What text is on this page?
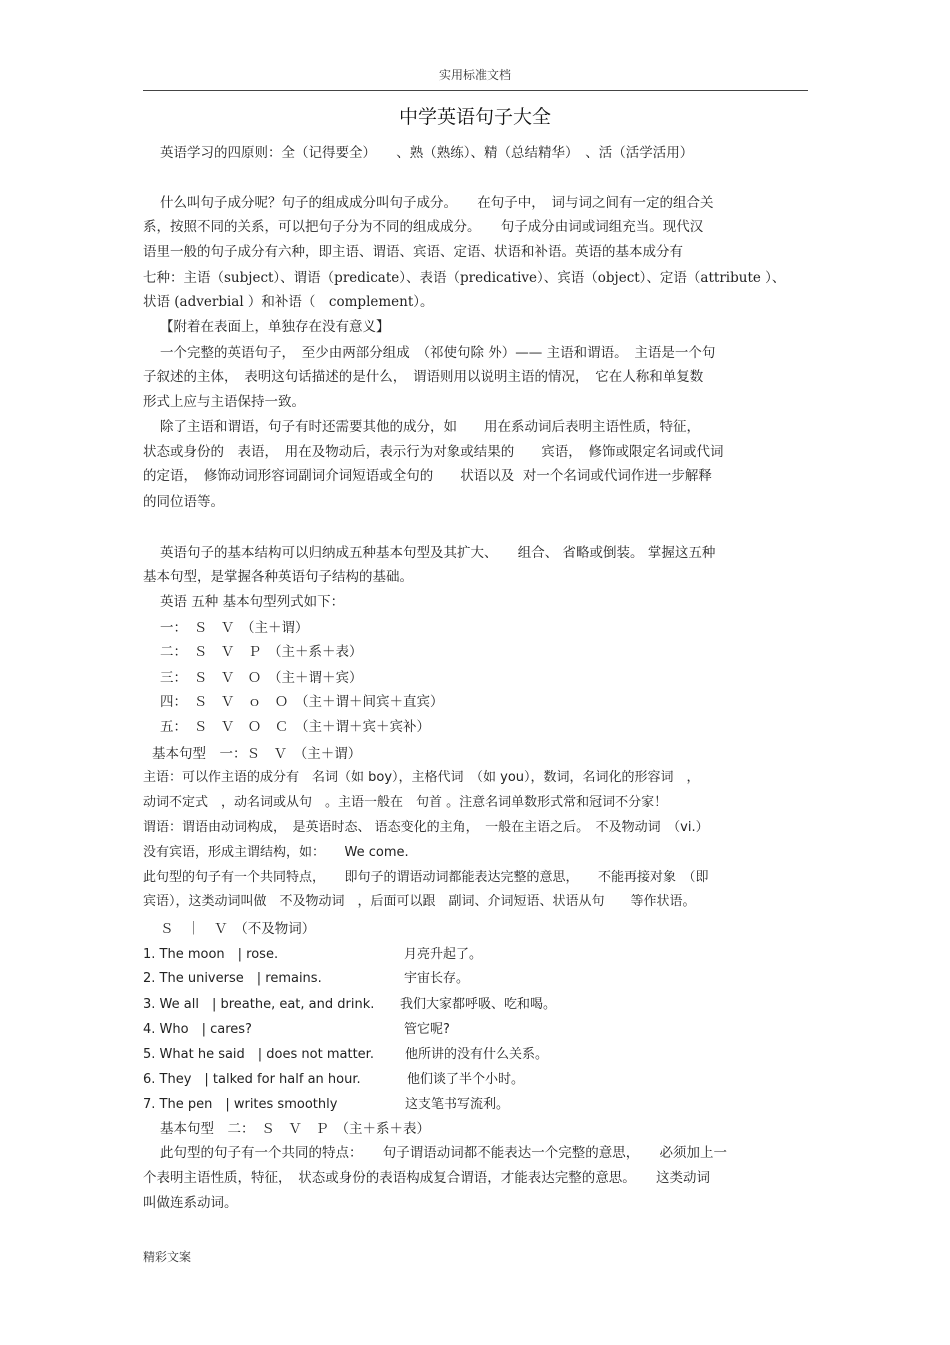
实用标准文档
中学英语句子大全
英语学习的四原则：全（记得要全）　　、熟（熟练）、精（总结精华）　、活（活学活用）
什么叫句子成分呢？句子的组成成分叫句子成分。　　在句子中，　词与词之间有一定的组合关
系，按照不同的关系，可以把句子分为不同的组成成分。　　句子成分由词或词组充当。现代汉
语里一般的句子成分有六种，即主语、谓语、宾语、定语、状语和补语。英语的基本成分有
七种：主语（subject）、谓语（predicate）、表语（predicative）、宾语（object）、定语（attribute ）、
状语 (adverbial ）和补语（　complement）。
【附着在表面上，单独存在没有意义】
一个完整的英语句子，　至少由两部分组成　（祁使句除 外）—— 主语和谓语。　主语是一个句
子叙述的主体，　表明这句话描述的是什么，　谓语则用以说明主语的情况，　它在人称和单复数
形式上应与主语保持一致。
除了主语和谓语，句子有时还需要其他的成分，如　　用在系动词后表明主语性质，特征，
状态或身份的　表语，　用在及物动后，表示行为对象或结果的　　宾语，　修饰或限定名词或代词
的定语，　修饰动词形容词副词介词短语或全句的　　状语以及  对一个名词或代词作进一步解释
的同位语等。
英语句子的基本结构可以归纳成五种基本句型及其扩大、　　组合、 省略或倒装。 掌握这五种
基本句型，是掌握各种英语句子结构的基础。
英语 五种 基本句型列式如下：
一：　Ｓ　Ｖ　（主＋谓）
二：　Ｓ　Ｖ　Ｐ　（主＋系＋表）
三：　Ｓ　Ｖ　Ｏ　（主＋谓＋宾）
四：　Ｓ　Ｖ　ｏ　Ｏ　（主＋谓＋间宾＋直宾）
五：　Ｓ　Ｖ　Ｏ　Ｃ　（主＋谓＋宾＋宾补）
基本句型　一：Ｓ　Ｖ　（主＋谓）
主语：可以作主语的成分有　名词（如 boy），主格代词　（如 you），数词，名词化的形容词　，
动词不定式　，动名词或从句　。主语一般在　句首 。注意名词单数形式常和冠词不分家！
谓语：谓语由动词构成，　是英语时态、 语态变化的主角，　一般在主语之后。　不及物动词　（vi.）
没有宾语，形成主谓结构，如：　　We come.
此句型的句子有一个共同特点，　　即句子的谓语动词都能表达完整的意思，　　不能再接对象　（即
宾语），这类动词叫做　不及物动词　，后面可以跟　副词、介词短语、状语从句　　等作状语。
Ｓ　｜　Ｖ　（不及物词）
1. The moon　| rose.	月亮升起了。
2. The universe　| remains.	宇宙长存。
3. We all　| breathe, eat, and drink. 我们大家都呼吸、吃和喝。
4. Who　| cares?	管它呢?
5. What he said　| does not matter. 他所讲的没有什么关系。
6. They　| talked for half an hour.	他们谈了半个小时。
7. The pen　| writes smoothly	这支笔书写流利。
基本句型　二：　Ｓ　Ｖ　Ｐ　（主＋系＋表）
此句型的句子有一个共同的特点：　　句子谓语动词都不能表达一个完整的意思，　　必须加上一
个表明主语性质，特征，　状态或身份的表语构成复合谓语，才能表达完整的意思。　　这类动词
叫做连系动词。
精彩文案
